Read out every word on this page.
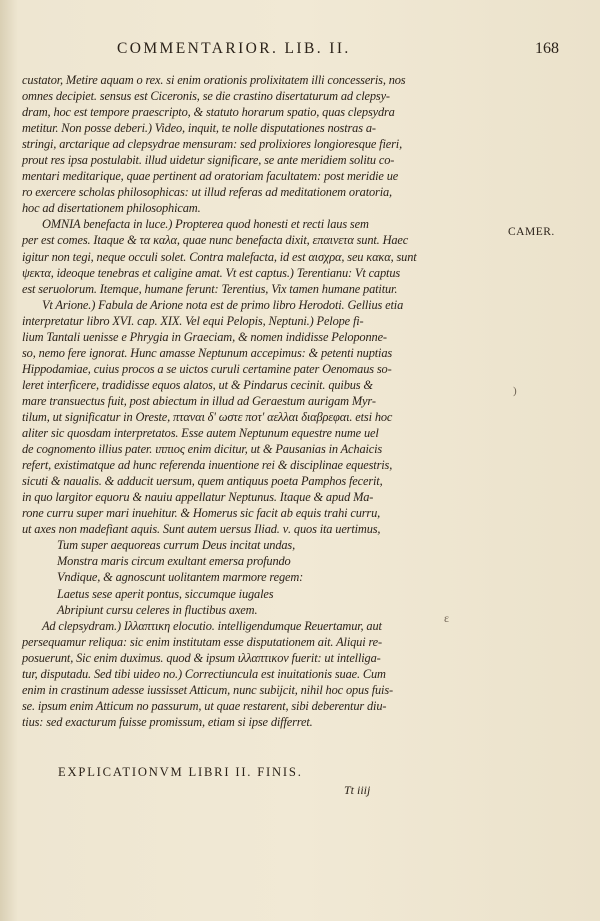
COMMENTARIOR. LIB. II.	168
custator, Metire aquam o rex. si enim orationis prolixitatem illi concesseris, nos
omnes decipiet. sensus est Ciceronis, se die crastino disertaturum ad clepsy-
dram, hoc est tempore praescripto, & statuto horarum spatio, quas clepsydra
metitur. Non posse deberi.) Video, inquit, te nolle disputationes nostras a-
stringi, arctarique ad clepsydrae mensuram: sed prolixiores longioresque fieri,
prout res ipsa postulabit. illud uidetur significare, se ante meridiem solitu co-
mentari meditarique, quae pertinent ad oratoriam facultatem: post meridie ue
ro exercere scholas philosophicas: ut illud referas ad meditationem oratoria,
hoc ad disertationem philosophicam.
OMNIA benefacta in luce.) Propterea quod honesti et recti laus sem
per est comes. Itaque & τα καλα, quae nunc benefacta dixit, επαινετα sunt. Haec
igitur non tegi, neque occuli solet. Contra malefacta, id est αισχρα, seu κακα, sunt
ψεκτα, ideoque tenebras et caligine amat. Vt est captus.) Terentianu: Vt captus
est seruolorum. Itemque, humane ferunt: Terentius, Vix tamen humane patitur.
Vt Arione.) Fabula de Arione nota est de primo libro Herodoti. Gellius etia
interpretatur libro XVI. cap. XIX. Vel equi Pelopis, Neptuni.) Pelope fi-
lium Tantali uenisse e Phrygia in Graeciam, & nomen indidisse Peloponne-
so, nemo fere ignorat. Hunc amasse Neptunum accepimus: & petenti nuptias
Hippodamiae, cuius procos a se uictos curuli certamine pater Oenomaus so-
leret interficere, tradidisse equos alatos, ut & Pindarus cecinit. quibus &
mare transuectus fuit, post abiectum in illud ad Geraestum aurigam Myr-
tilum, ut significatur in Oreste, πταναι δ' ωστε ποτ' αελλαι διαβρεφαι. etsi hoc
aliter sic quosdam interpretatos. Esse autem Neptunum equestre nume uel
de cognomento illius pater. ιππιος enim dicitur, ut & Pausanias in Achaicis
refert, existimatque ad hunc referenda inuentione rei & disciplinae equestris,
sicuti & naualis. & adducit uersum, quem antiquus poeta Pamphos fecerit,
in quo largitor equoru & nauiu appellatur Neptunus. Itaque & apud Ma-
rone curru super mari inuehitur. & Homerus sic facit ab equis trahi curru,
ut axes non madefiant aquis. Sunt autem uersus Iliad. ν. quos ita uertimus,
Tum super aequoreas currum Deus incitat undas,
Monstra maris circum exultant emersa profundo
Vndique, & agnoscunt uolitantem marmore regem:
Laetus sese aperit pontus, siccumque iugales
Abripiunt cursu celeres in fluctibus axem.
Ad clepsydram.) Ιλλαπτικη elocutio. intelligendumque Reuertamur, aut
persequamur reliqua: sic enim institutam esse disputationem ait. Aliqui re-
posuerunt, Sic enim duximus. quod & ipsum ιλλαπτικον fuerit: ut intelliga-
tur, disputadu. Sed tibi uideo no.) Correctiuncula est inuitationis suae. Cum
enim in crastinum adesse iussisset Atticum, nunc subijcit, nihil hoc opus fuis-
se. ipsum enim Atticum no passurum, ut quae restarent, sibi deberentur diu-
tius: sed exacturum fuisse promissum, etiam si ipse differret.
CAMER.
)
ɛ
EXPLICATIONVM LIBRI II. FINIS.
Tt iiij
